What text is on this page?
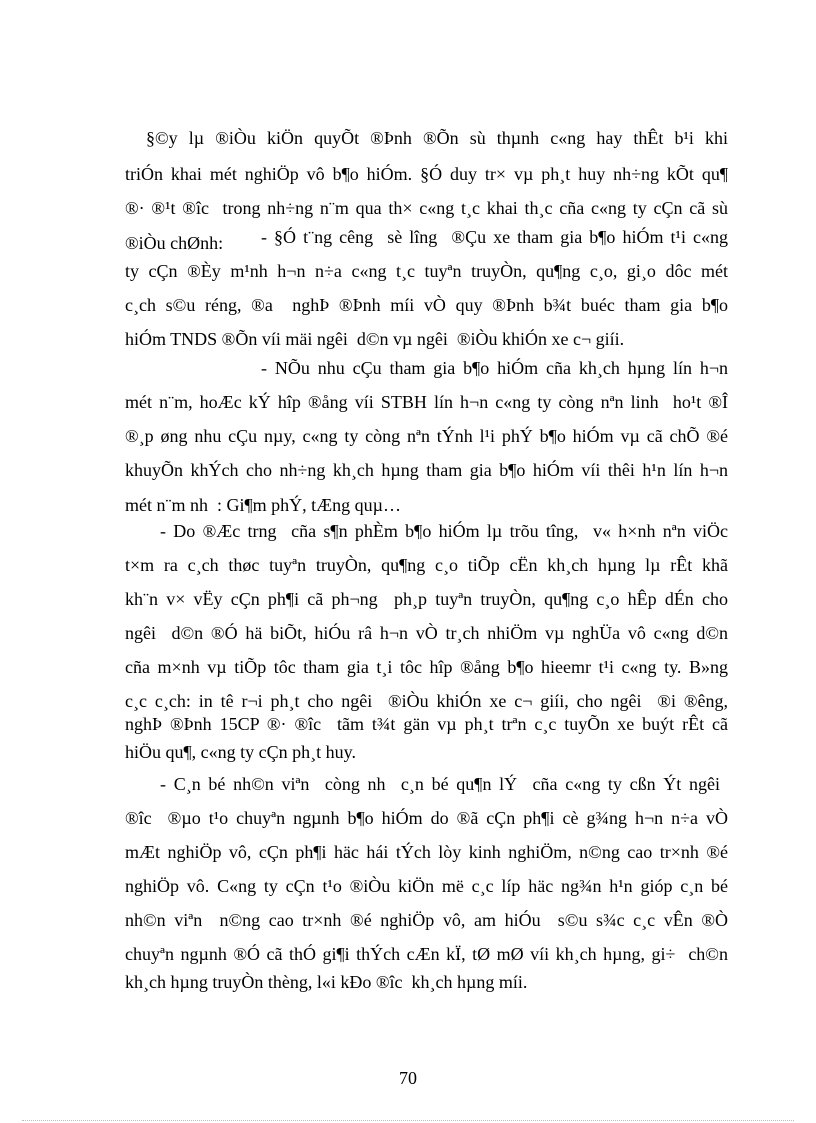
§©y lµ ®iÒu kiÖn quyÕt ®Þnh ®Õn sù thµnh c«ng hay thÊt b¹i khi

triÓn khai mét nghiÖp vô b¶o hiÓm. §Ó duy tr× vµ ph¸t huy nh÷ng kÕt qu¶

®· ®¹t ®îc  trong nh÷ng n¨m qua th× c«ng t¸c khai th¸c cña c«ng ty cÇn cã sù

®iÒu chØnh: - §Ó t¨ng cêng  sè lîng  ®Çu xe tham gia b¶o hiÓm t¹i c«ng

ty cÇn ®Èy m¹nh h¬n n÷a c«ng t¸c tuyªn truyÒn, qu¶ng c¸o, gi¸o dôc mét

c¸ch s©u réng, ®a  nghÞ ®Þnh míi vÒ quy ®Þnh b¾t buéc tham gia b¶o

hiÓm TNDS ®Õn víi mäi ngêi  d©n vµ ngêi  ®iÒu khiÓn xe c¬ giíi.

- NÕu nhu cÇu tham gia b¶o hiÓm cña kh¸ch hµng lín h¬n

mét n¨m, hoÆc kÝ hîp ®ång víi STBH lín h¬n c«ng ty còng nªn linh  ho¹t ®Î

®¸p øng nhu cÇu nµy, c«ng ty còng nªn tÝnh l¹i phÝ b¶o hiÓm vµ cã chÕ ®é

khuyÕn khÝch cho nh÷ng kh¸ch hµng tham gia b¶o hiÓm víi thêi h¹n lín h¬n

mét n¨m nh  : Gi¶m phÝ, tÆng quµ…

- Do ®Æc trng  cña s¶n phÈm b¶o hiÓm lµ trõu tîng,  v« h×nh nªn viÖc

t×m ra c¸ch thøc tuyªn truyÒn, qu¶ng c¸o tiÕp cËn kh¸ch hµng lµ rÊt khã

kh¨n v× vËy cÇn ph¶i cã ph¬ng  ph¸p tuyªn truyÒn, qu¶ng c¸o hÊp dÉn cho

ngêi  d©n ®Ó hä biÕt, hiÓu râ h¬n vÒ tr¸ch nhiÖm vµ nghÜa vô c«ng d©n

cña m×nh vµ tiÕp tôc tham gia t¸i tôc hîp ®ång b¶o hieemr t¹i c«ng ty. B»ng

c¸c c¸ch: in tê r¬i ph¸t cho ngêi  ®iÒu khiÓn xe c¬ giíi, cho ngêi  ®i ®êng,

nghÞ ®Þnh 15CP ®· ®îc  tãm t¾t gän vµ ph¸t trªn c¸c tuyÕn xe buýt rÊt cã

hiÖu qu¶, c«ng ty cÇn ph¸t huy.

- C¸n bé nh©n viªn  còng nh  c¸n bé qu¶n lÝ  cña c«ng ty cßn Ýt ngêi

®îc  ®µo t¹o chuyªn ngµnh b¶o hiÓm do ®ã cÇn ph¶i cè g¾ng h¬n n÷a vÒ

mÆt nghiÖp vô, cÇn ph¶i häc hái tÝch lòy kinh nghiÖm, n©ng cao tr×nh ®é

nghiÖp vô. C«ng ty cÇn t¹o ®iÒu kiÖn më c¸c líp häc ng¾n h¹n gióp c¸n bé

nh©n viªn  n©ng cao tr×nh ®é nghiÖp vô, am hiÓu  s©u s¾c c¸c vÊn ®Ò

chuyªn ngµnh ®Ó cã thÓ gi¶i thÝch cÆn kÏ, tØ mØ víi kh¸ch hµng, gi÷  ch©n

kh¸ch hµng truyÒn thèng, l«i kÐo ®îc  kh¸ch hµng míi.

70
